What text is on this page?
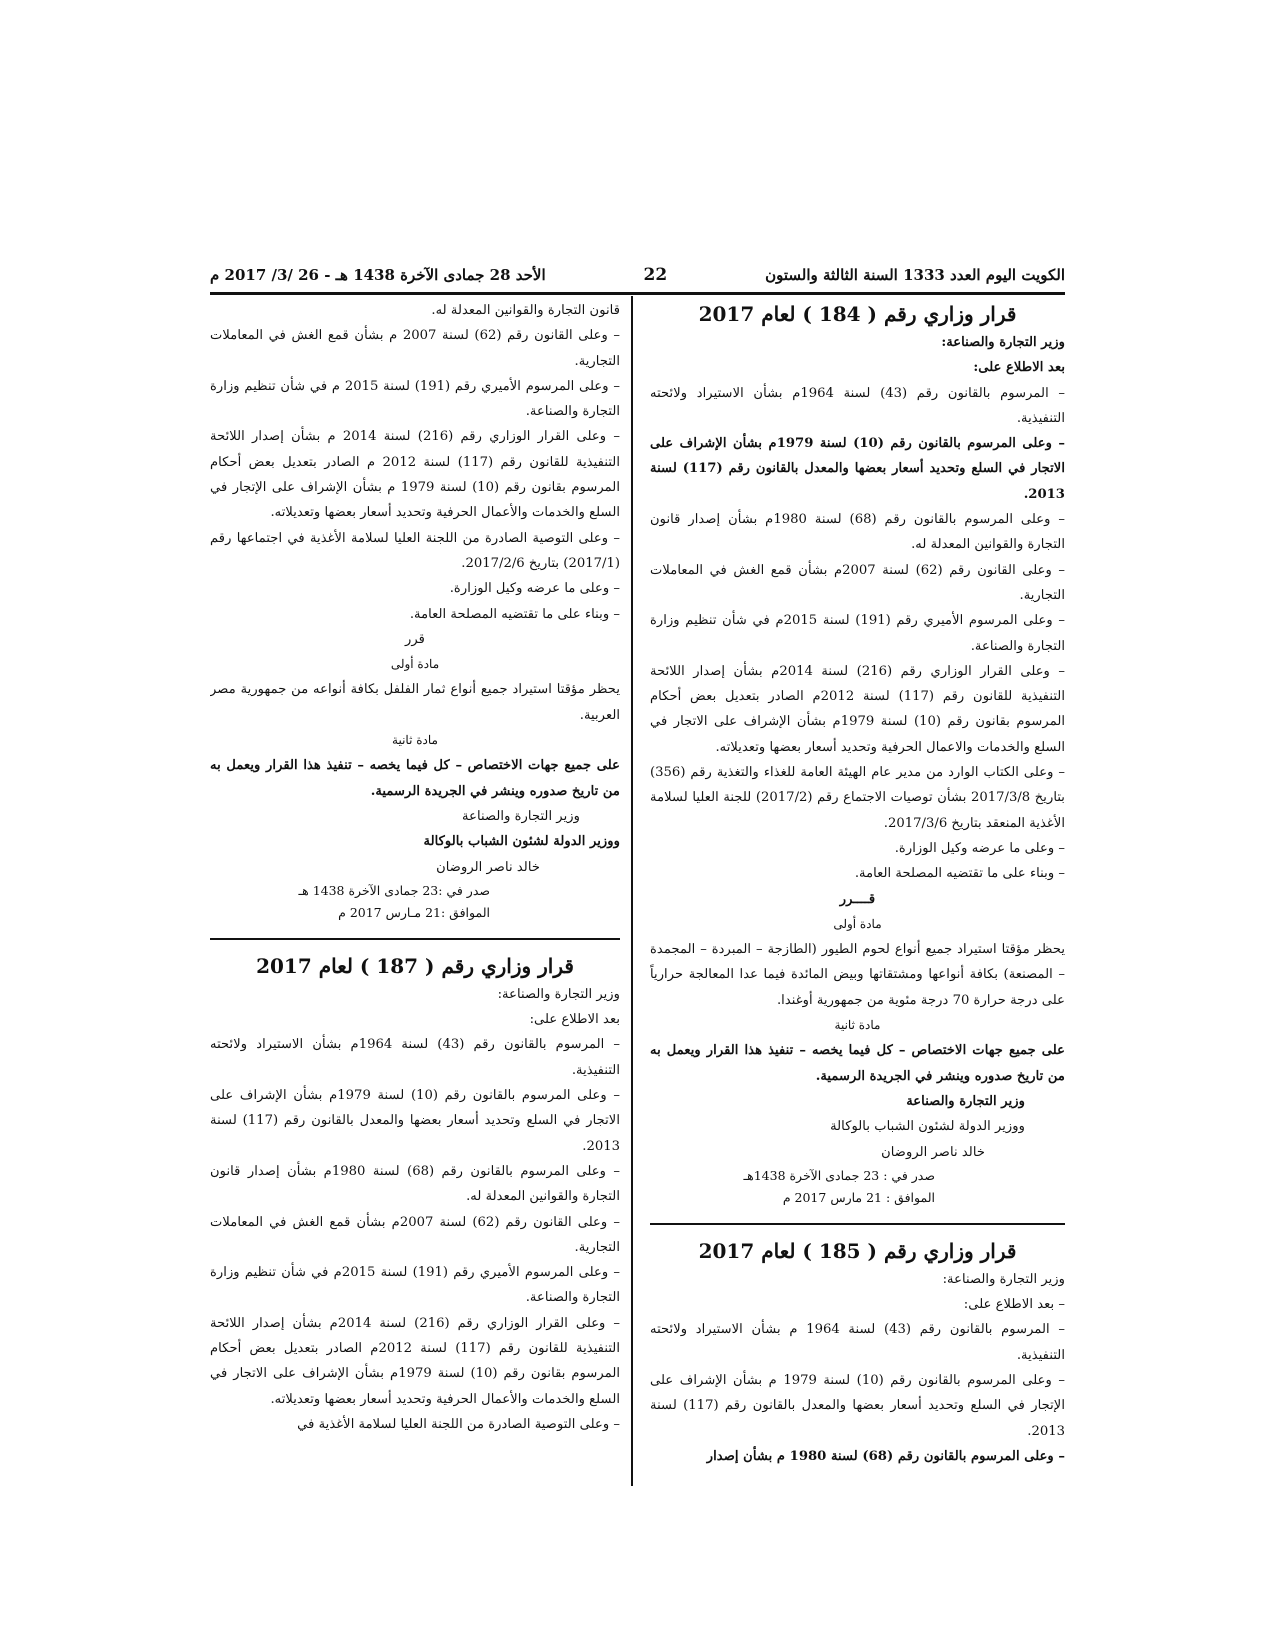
الكويت اليوم العدد 1333 السنة الثالثة والستون
22
الأحد 28 جمادى الآخرة 1438 هـ - 26 /3/ 2017 م

قرار وزاري رقم ( 184 ) لعام 2017

وزير التجارة والصناعة:

بعد الاطلاع على:

– المرسوم بالقانون رقم (43) لسنة 1964م بشأن الاستيراد ولائحته التنفيذية.

– وعلى المرسوم بالقانون رقم (10) لسنة 1979م بشأن الإشراف على الاتجار في السلع وتحديد أسعار بعضها والمعدل بالقانون رقم (117) لسنة 2013.

– وعلى المرسوم بالقانون رقم (68) لسنة 1980م بشأن إصدار قانون التجارة والقوانين المعدلة له.

– وعلى القانون رقم (62) لسنة 2007م بشأن قمع الغش في المعاملات التجارية.

– وعلى المرسوم الأميري رقم (191) لسنة 2015م في شأن تنظيم وزارة التجارة والصناعة.

– وعلى القرار الوزاري رقم (216) لسنة 2014م بشأن إصدار اللائحة التنفيذية للقانون رقم (117) لسنة 2012م الصادر بتعديل بعض أحكام المرسوم بقانون رقم (10) لسنة 1979م بشأن الإشراف على الاتجار في السلع والخدمات والاعمال الحرفية وتحديد أسعار بعضها وتعديلاته.

– وعلى الكتاب الوارد من مدير عام الهيئة العامة للغذاء والتغذية رقم (356) بتاريخ 2017/3/8 بشأن توصيات الاجتماع رقم (2017/2) للجنة العليا لسلامة الأغذية المنعقد بتاريخ 2017/3/6.

– وعلى ما عرضه وكيل الوزارة.

– وبناء على ما تقتضيه المصلحة العامة.

قــــرر

مادة أولى

يحظر مؤقتا استيراد جميع أنواع لحوم الطيور (الطازجة – المبردة – المجمدة – المصنعة) بكافة أنواعها ومشتقاتها وبيض المائدة فيما عدا المعالجة حرارياً على درجة حرارة 70 درجة مئوية من جمهورية أوغندا.

مادة ثانية

على جميع جهات الاختصاص – كل فيما يخصه – تنفيذ هذا القرار ويعمل به من تاريخ صدوره وينشر في الجريدة الرسمية.

وزير التجارة والصناعة

ووزير الدولة لشئون الشباب بالوكالة

خالد ناصر الروضان

صدر في : 23 جمادى الآخرة 1438هـ

الموافق : 21 مارس 2017 م

قرار وزاري رقم ( 185 ) لعام 2017

وزير التجارة والصناعة:

– بعد الاطلاع على:

– المرسوم بالقانون رقم (43) لسنة 1964 م بشأن الاستيراد ولائحته التنفيذية.

– وعلى المرسوم بالقانون رقم (10) لسنة 1979 م بشأن الإشراف على الإتجار في السلع وتحديد أسعار بعضها والمعدل بالقانون رقم (117) لسنة 2013.

– وعلى المرسوم بالقانون رقم (68) لسنة 1980 م بشأن إصدار

قانون التجارة والقوانين المعدلة له.

– وعلى القانون رقم (62) لسنة 2007 م بشأن قمع الغش في المعاملات التجارية.

– وعلى المرسوم الأميري رقم (191) لسنة 2015 م في شأن تنظيم وزارة التجارة والصناعة.

– وعلى القرار الوزاري رقم (216) لسنة 2014 م بشأن إصدار اللائحة التنفيذية للقانون رقم (117) لسنة 2012 م الصادر بتعديل بعض أحكام المرسوم بقانون رقم (10) لسنة 1979 م بشأن الإشراف على الإتجار في السلع والخدمات والأعمال الحرفية وتحديد أسعار بعضها وتعديلاته.

– وعلى التوصية الصادرة من اللجنة العليا لسلامة الأغذية في اجتماعها رقم (2017/1) بتاريخ 2017/2/6.

– وعلى ما عرضه وكيل الوزارة.

– وبناء على ما تقتضيه المصلحة العامة.

قرر

مادة أولى

يحظر مؤقتا استيراد جميع أنواع ثمار الفلفل بكافة أنواعه من جمهورية مصر العربية.

مادة ثانية

على جميع جهات الاختصاص – كل فيما يخصه – تنفيذ هذا القرار ويعمل به من تاريخ صدوره وينشر في الجريدة الرسمية.

وزير التجارة والصناعة

ووزير الدولة لشئون الشباب بالوكالة

خالد ناصر الروضان

صدر في :23 جمادى الآخرة 1438 هـ

الموافق :21 مـارس 2017 م

قرار وزاري رقم ( 187 ) لعام 2017

وزير التجارة والصناعة:

بعد الاطلاع على:

– المرسوم بالقانون رقم (43) لسنة 1964م بشأن الاستيراد ولائحته التنفيذية.

– وعلى المرسوم بالقانون رقم (10) لسنة 1979م بشأن الإشراف على الاتجار في السلع وتحديد أسعار بعضها والمعدل بالقانون رقم (117) لسنة 2013.

– وعلى المرسوم بالقانون رقم (68) لسنة 1980م بشأن إصدار قانون التجارة والقوانين المعدلة له.

– وعلى القانون رقم (62) لسنة 2007م بشأن قمع الغش في المعاملات التجارية.

– وعلى المرسوم الأميري رقم (191) لسنة 2015م في شأن تنظيم وزارة التجارة والصناعة.

– وعلى القرار الوزاري رقم (216) لسنة 2014م بشأن إصدار اللائحة التنفيذية للقانون رقم (117) لسنة 2012م الصادر بتعديل بعض أحكام المرسوم بقانون رقم (10) لسنة 1979م بشأن الإشراف على الاتجار في السلع والخدمات والأعمال الحرفية وتحديد أسعار بعضها وتعديلاته.

– وعلى التوصية الصادرة من اللجنة العليا لسلامة الأغذية في
